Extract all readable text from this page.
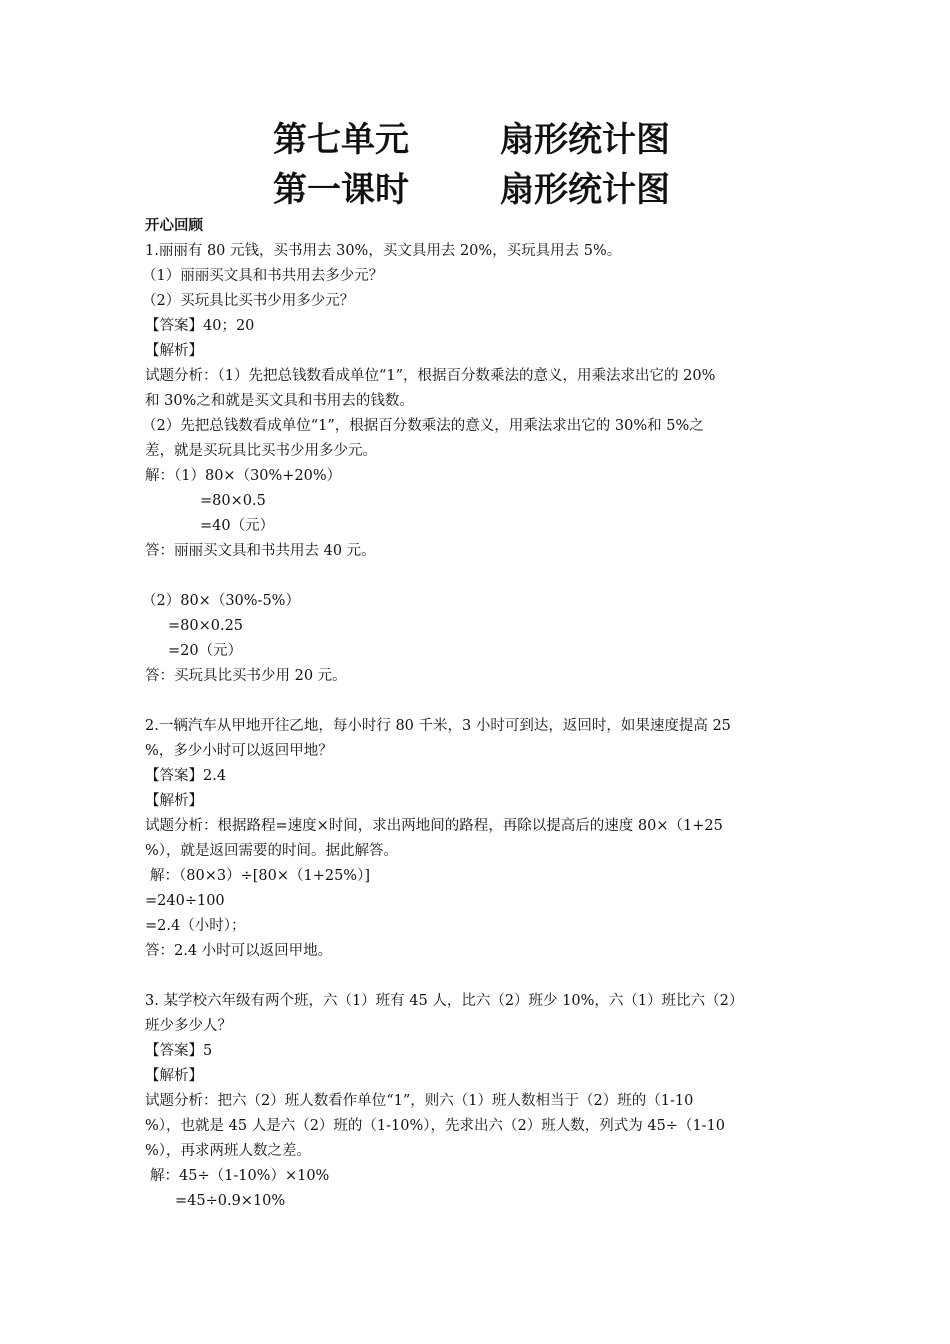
第七单元	扇形统计图
第一课时	扇形统计图
开心回顾
1.丽丽有 80 元钱，买书用去 30%，买文具用去 20%，买玩具用去 5%。
（1）丽丽买文具和书共用去多少元？
（2）买玩具比买书少用多少元？
【答案】40；20
【解析】
试题分析：（1）先把总钱数看成单位“1”，根据百分数乘法的意义，用乘法求出它的 20%
和 30%之和就是买文具和书用去的钱数。
（2）先把总钱数看成单位“1”，根据百分数乘法的意义，用乘法求出它的 30%和 5%之
差，就是买玩具比买书少用多少元。
解：（1）80×（30%+20%）
=80×0.5
=40（元）
答：丽丽买文具和书共用去 40 元。
（2）80×（30%-5%）
=80×0.25
=20（元）
答：买玩具比买书少用 20 元。
2.一辆汽车从甲地开往乙地，每小时行 80 千米，3 小时可到达，返回时，如果速度提高 25
%，多少小时可以返回甲地？
【答案】2.4
【解析】
试题分析：根据路程=速度×时间，求出两地间的路程，再除以提高后的速度 80×（1+25
%），就是返回需要的时间。据此解答。
解：（80×3）÷[80×（1+25%）]
=240÷100
=2.4（小时）；
答：2.4 小时可以返回甲地。
3. 某学校六年级有两个班，六（1）班有 45 人，比六（2）班少 10%，六（1）班比六（2）
班少多少人？
【答案】5
【解析】
试题分析：把六（2）班人数看作单位“1”，则六（1）班人数相当于（2）班的（1-10
%），也就是 45 人是六（2）班的（1-10%），先求出六（2）班人数，列式为 45÷（1-10
%），再求两班人数之差。
解：45÷（1-10%）×10%
=45÷0.9×10%
